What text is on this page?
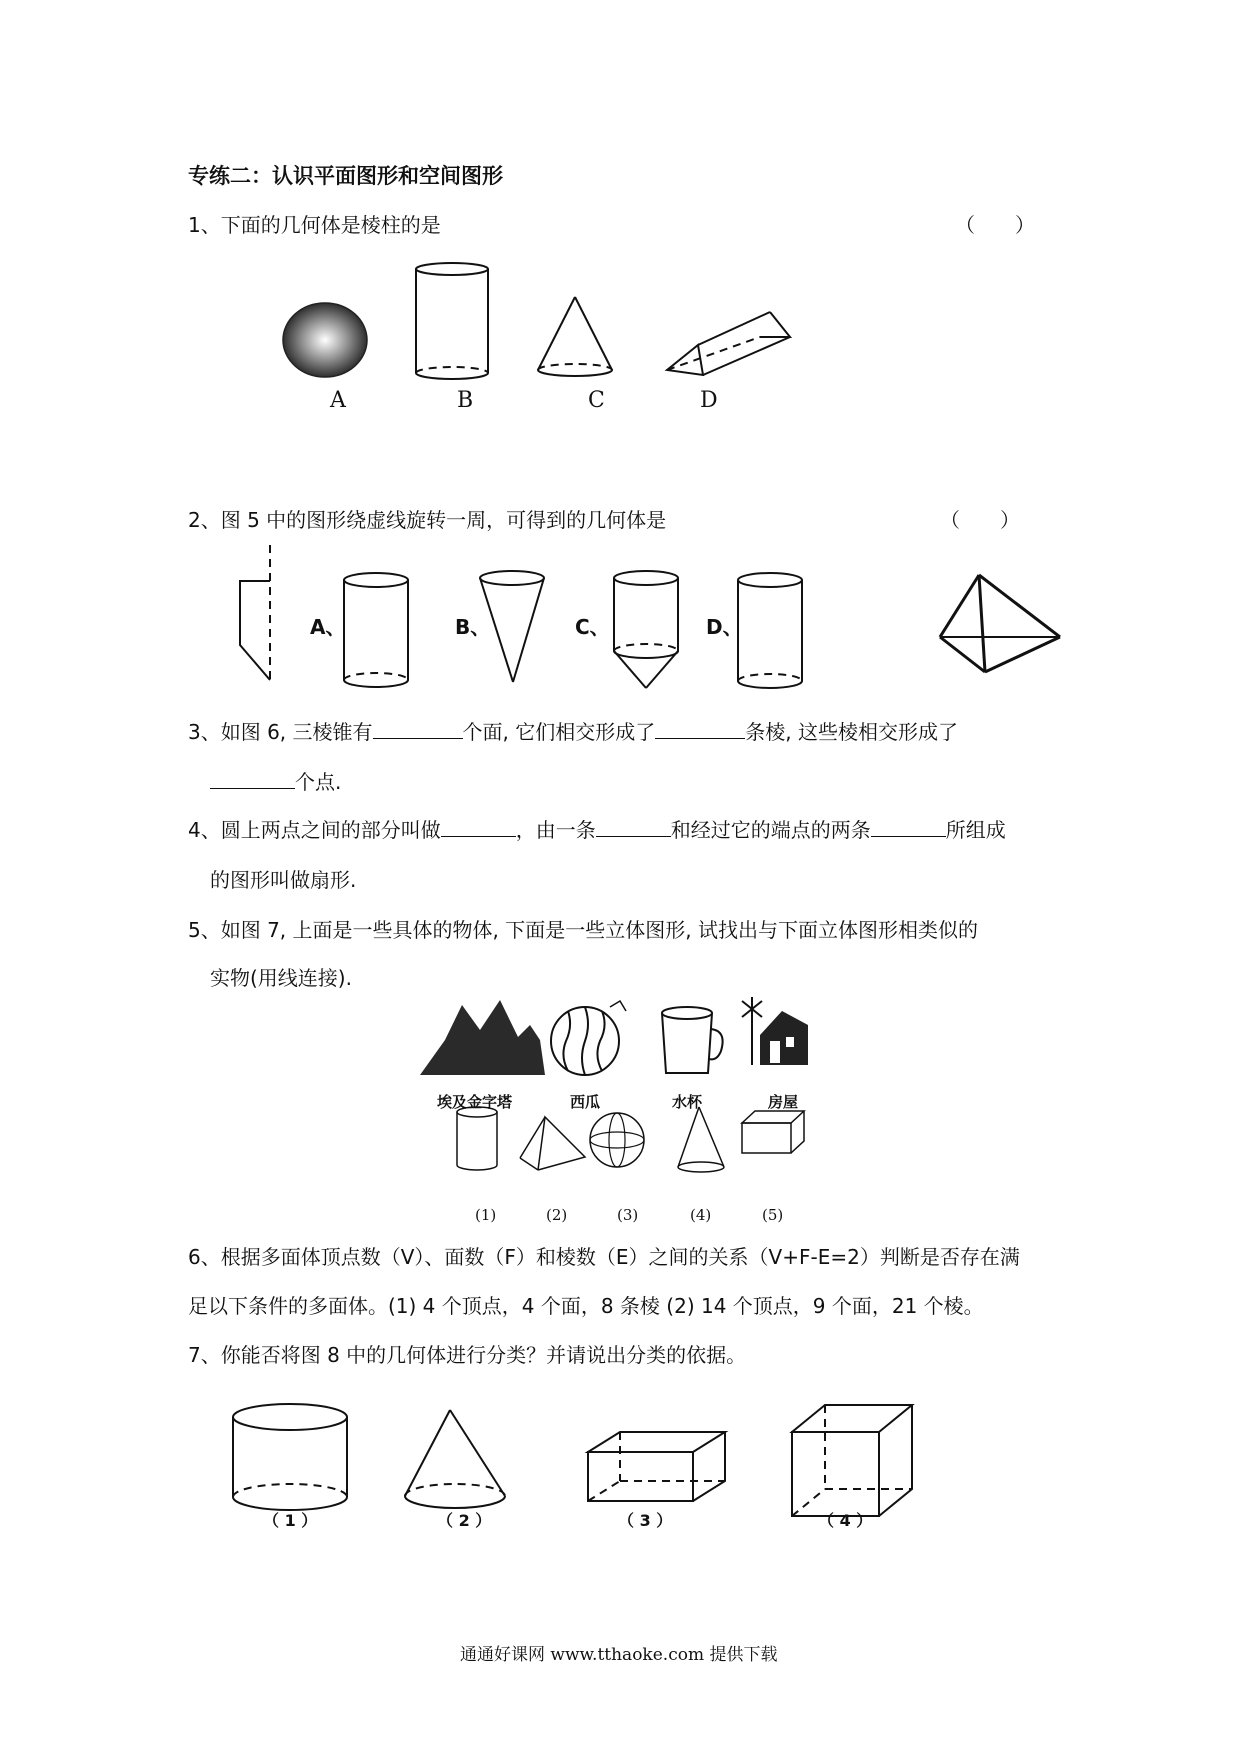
专练二：认识平面图形和空间图形
1、下面的几何体是棱柱的是	（　　）
A	B	C	D
2、图 5 中的图形绕虚线旋转一周，可得到的几何体是	（　　）
A、	B、	C、	D、
3、如图 6, 三棱锥有	个面, 它们相交形成了	条棱, 这些棱相交形成了
个点.
4、圆上两点之间的部分叫做	，由一条	和经过它的端点的两条	所组成
的图形叫做扇形.
5、如图 7, 上面是一些具体的物体, 下面是一些立体图形, 试找出与下面立体图形相类似的
实物(用线连接).
埃及金字塔	西瓜	水杯	房屋
(1)	(2)	(3)	(4)	(5)
6、根据多面体顶点数（V）、面数（F）和棱数（E）之间的关系（V+F-E=2）判断是否存在满
足以下条件的多面体。(1) 4 个顶点，4 个面，8 条棱 (2) 14 个顶点，9 个面，21 个棱。
7、你能否将图 8 中的几何体进行分类？并请说出分类的依据。
（ 1 ）	（ 2 ）	（ 3 ）	（ 4 ）
通通好课网 www.tthaoke.com 提供下载
